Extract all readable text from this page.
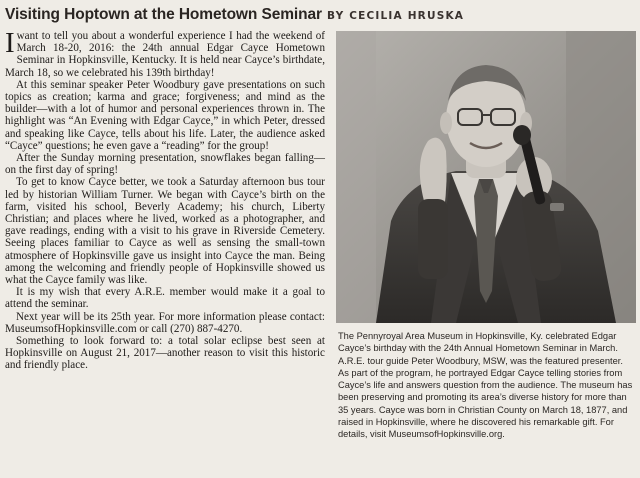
Visiting Hoptown at the Hometown Seminar BY CECILIA HRUSKA

I want to tell you about a wonderful experience I had the weekend of March 18-20, 2016: the 24th annual Edgar Cayce Hometown Seminar in Hopkinsville, Kentucky. It is held near Cayce’s birthdate, March 18, so we celebrated his 139th birthday!

At this seminar speaker Peter Woodbury gave presentations on such topics as creation; karma and grace; forgiveness; and mind as the builder—with a lot of humor and personal experiences thrown in. The highlight was “An Evening with Edgar Cayce,” in which Peter, dressed and speaking like Cayce, tells about his life. Later, the audience asked “Cayce” questions; he even gave a “reading” for the group!

After the Sunday morning presentation, snowflakes began falling—on the first day of spring!

To get to know Cayce better, we took a Saturday afternoon bus tour led by historian William Turner. We began with Cayce’s birth on the farm, visited his school, Beverly Academy; his church, Liberty Christian; and places where he lived, worked as a photographer, and gave readings, ending with a visit to his grave in Riverside Cemetery. Seeing places familiar to Cayce as well as sensing the small-town atmosphere of Hopkinsville gave us insight into Cayce the man. Being among the welcoming and friendly people of Hopkinsville showed us what the Cayce family was like.

It is my wish that every A.R.E. member would make it a goal to attend the seminar.

Next year will be its 25th year. For more information please contact: MuseumsofHopkinsville.com or call (270) 887-4270.

Something to look forward to: a total solar eclipse best seen at Hopkinsville on August 21, 2017—another reason to visit this historic and friendly place.

The Pennyroyal Area Museum in Hopkinsville, Ky. celebrated Edgar Cayce’s birthday with the 24th Annual Hometown Seminar in March. A.R.E. tour guide Peter Woodbury, MSW, was the featured presenter. As part of the program, he portrayed Edgar Cayce telling stories from Cayce’s life and answers question from the audience. The museum has been preserving and promoting its area’s diverse history for more than 35 years. Cayce was born in Christian County on March 18, 1877, and raised in Hopkinsville, where he discovered his remarkable gift. For details, visit MuseumsofHopkinsville.org.
